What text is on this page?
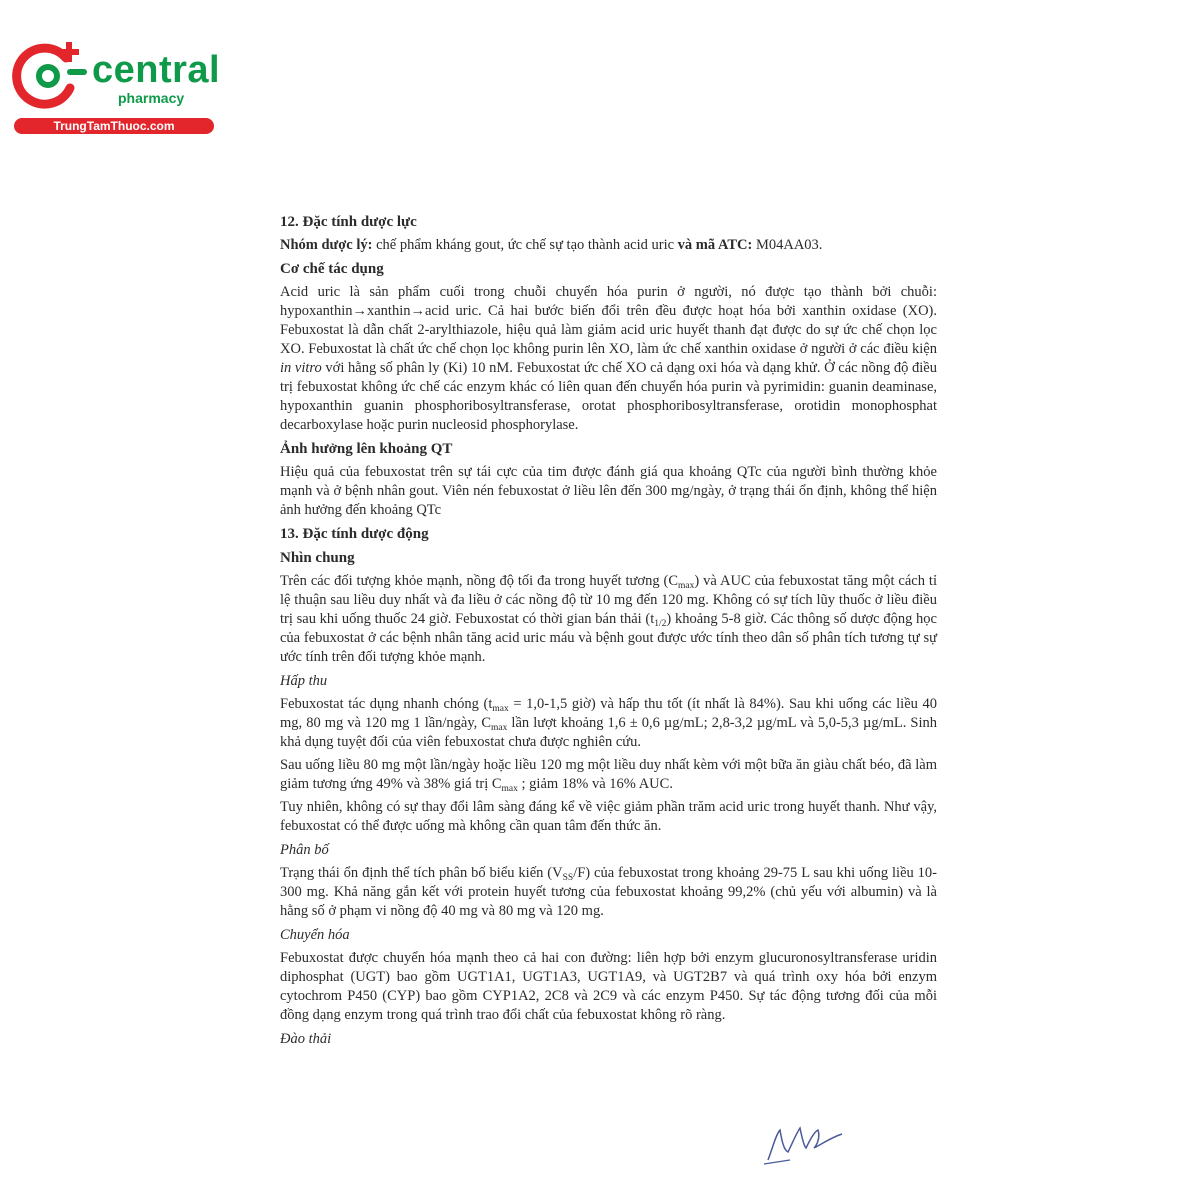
central
pharmacy
TrungTamThuoc.com
12. Đặc tính dược lực
Nhóm dược lý: chế phẩm kháng gout, ức chế sự tạo thành acid uric và mã ATC: M04AA03.
Cơ chế tác dụng
Acid uric là sản phẩm cuối trong chuỗi chuyển hóa purin ở người, nó được tạo thành bởi chuỗi: hypoxanthin→xanthin→acid uric. Cả hai bước biến đổi trên đều được hoạt hóa bởi xanthin oxidase (XO). Febuxostat là dẫn chất 2-arylthiazole, hiệu quả làm giảm acid uric huyết thanh đạt được do sự ức chế chọn lọc XO. Febuxostat là chất ức chế chọn lọc không purin lên XO, làm ức chế xanthin oxidase ở người ở các điều kiện in vitro với hằng số phân ly (Ki) 10 nM. Febuxostat ức chế XO cả dạng oxi hóa và dạng khử. Ở các nồng độ điều trị febuxostat không ức chế các enzym khác có liên quan đến chuyển hóa purin và pyrimidin: guanin deaminase, hypoxanthin guanin phosphoribosyltransferase, orotat phosphoribosyltransferase, orotidin monophosphat decarboxylase hoặc purin nucleosid phosphorylase.
Ảnh hưởng lên khoảng QT
Hiệu quả của febuxostat trên sự tái cực của tim được đánh giá qua khoảng QTc của người bình thường khỏe mạnh và ở bệnh nhân gout. Viên nén febuxostat ở liều lên đến 300 mg/ngày, ở trạng thái ổn định, không thể hiện ảnh hưởng đến khoảng QTc
13. Đặc tính dược động
Nhìn chung
Trên các đối tượng khỏe mạnh, nồng độ tối đa trong huyết tương $(C_{max})$ và AUC của febuxostat tăng một cách tỉ lệ thuận sau liều duy nhất và đa liều ở các nồng độ từ 10 mg đến 120 mg. Không có sự tích lũy thuốc ở liều điều trị sau khi uống thuốc 24 giờ. Febuxostat có thời gian bán thải $(t_{1/2})$ khoảng 5-8 giờ. Các thông số dược động học của febuxostat ở các bệnh nhân tăng acid uric máu và bệnh gout được ước tính theo dân số phân tích tương tự sự ước tính trên đối tượng khỏe mạnh.
Hấp thu
Febuxostat tác dụng nhanh chóng ($t_{max} = 1,0-1,5$ giờ) và hấp thu tốt (ít nhất là 84%). Sau khi uống các liều 40 mg, 80 mg và 120 mg 1 lần/ngày, $C_{max}$ lần lượt khoảng 1,6 ± 0,6 µg/mL; 2,8-3,2 µg/mL và 5,0-5,3 µg/mL. Sinh khả dụng tuyệt đối của viên febuxostat chưa được nghiên cứu.
Sau uống liều 80 mg một lần/ngày hoặc liều 120 mg một liều duy nhất kèm với một bữa ăn giàu chất béo, đã làm giảm tương ứng 49% và 38% giá trị $C_{max}$ ; giảm 18% và 16% AUC.
Tuy nhiên, không có sự thay đổi lâm sàng đáng kể về việc giảm phần trăm acid uric trong huyết thanh. Như vậy, febuxostat có thể được uống mà không cần quan tâm đến thức ăn.
Phân bố
Trạng thái ổn định thể tích phân bố biểu kiến $(V_{SS}/F)$ của febuxostat trong khoảng 29-75 L sau khi uống liều 10-300 mg. Khả năng gắn kết với protein huyết tương của febuxostat khoảng 99,2% (chủ yếu với albumin) và là hằng số ở phạm vi nồng độ 40 mg và 80 mg và 120 mg.
Chuyển hóa
Febuxostat được chuyển hóa mạnh theo cả hai con đường: liên hợp bởi enzym glucuronosyltransferase uridin diphosphat (UGT) bao gồm UGT1A1, UGT1A3, UGT1A9, và UGT2B7 và quá trình oxy hóa bởi enzym cytochrom P450 (CYP) bao gồm CYP1A2, 2C8 và 2C9 và các enzym P450. Sự tác động tương đối của mỗi đồng dạng enzym trong quá trình trao đổi chất của febuxostat không rõ ràng.
Đào thải
